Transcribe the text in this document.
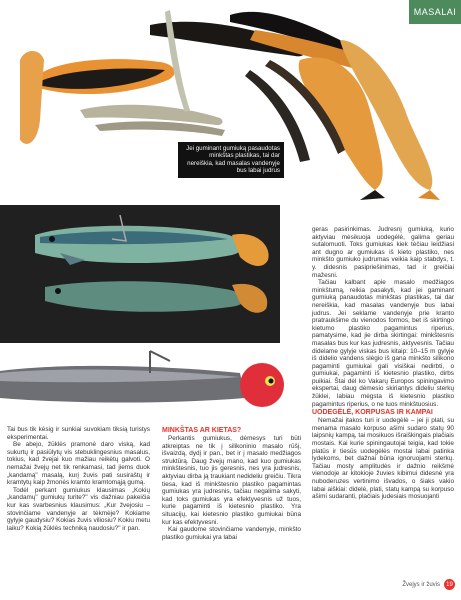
MASALAI
Jei guminant gumiuką pasaudotas minkštas plastikas, tai dar nereiškia, kad masalas vandenyje bus labai judrus

Tai bus tik kėsig ir sunkiai suvokiam tiksią turistys eksperimentai.

Be abejo, žūklės pramonė daro viską, kad sukurtų ir pasiūlytų vis stebuklingesnius masalus, tokius, kad žvejai kuo mažiau reikėtų galvoti. O nemažai žvejų net tik renkamasi, tad jiems duok „kandamą" masalą, kurį žuvis pati susiraštų ir kramtytų kaip žmonės kramto kramtomąją gumą.

Todėl perkant gumiukus klausimas „Kokių „kandamų" gumiukų turite?" vis dažniau pakeičia kur kas svarbesnius klausimus: „Kur žvejosiu – stovinčiame vandenyje ar tėkmėje? Kokiame gylyje gaudysiu? Kokias žuvis viliosiu? Kokiu metu laiku? Kokią žūklės techniką naudosiu?" ir pan.

MINKŠTAS AR KIETAS?

Perkantis gumiukus, dėmesys turi būti atkreiptas ne tik į silikoninio masalo rūšį, išvaizdą, dydį ir pan., bet ir į masalo medžiagos struktūrą. Daug žvejų mano, kad kuo gumiukas minkštesnis, tuo jis geresnis, nes yra judresnis, aktyviau dirba ją traukiant nedideliu greičiu. Tikra tiesa, kad iš minkštesnio plastiko pagamintas gumiukas yra judresnis, tačiau negalima sakyti, kad toks gumiukas yra efektyvesnis už tuos, kurie pagaminti iš kietesnio plastiko. Yra situacijų, kai kietesnio plastiko gumiukai būna kur kas efektyvesni.

Kai gaudome stovinčiame vandenyje, minkšto plastiko gumiukai yra labai

geras pasirinkimas. Judresnį gumiuką, kurio aktyviau mėsikuoja uodegėlė, galima geriau sutalomuoti. Toks gumiukas kiek tėčiau leidžiasi ant dugno ar gumiukas iš kieto plastiko, nes minkšto gumiuko judrumas veikia kaip stabdys, t. y. didesnis pasipriešinimas, tad ir greičiai mažesni.

Tačiau kalbant apie masalo medžiagos minkštumą, reikia pasakyti, kad jei gaminant gumiuką panaudotas minkštas plastikas, tai dar nereiškia, kad masalas vandenyje bus labai judrus. Jei seklame vandenyje prie kranto pratraukšime du vienodos formos, bet iš skirtingo kietumo plastiko pagamintus riperius, pamatysime, kad jie dirba skirtingai: minkštesnis masalas bus kur kas judresnis, aktyvesnis. Tačiau didelame gylyje viskas bus kitaip: 10–15 m gylyje iš didelio vandens slėgio iš gana minkšto silikono pagaminti gumiukai gali visiškai nedirbti, o gumiukai, pagaminti iš kietesnio plastiko, dirbs puikiai. Štai dėl ko Vakarų Europos spiningavimo ekspertai, daug dėmesio skiriantys dideliu sterkų žūklei, labiau mėgsta iš kietesnio plastiko pagamintus riperius, o ne tuos minkštuosius.

UODEGĖLĖ, KORPUSAS IR KAMPAI

Nemažai įtakos turi ir uodegėlė – jei ji plati, su menama masalo korpuso ašimi sudaro statų 90 laipsnių kampą, tai mosikuos išraiškingais plačiais mostais. Kai kurie spiningautojai teigia, kad tokie platūs ir tiesūs uodegėlės mostai labai patinka lydekoms, bet dažnai būna ignoruojami sterkų. Tačiau mosty amplitudės ir dažnio reikšmė vienodoje ar kitokioje žuvies kibimui didesnė yra nuboderuzes vertinimo išvados, o šiaks vakio labai aiškiai: didelė, plati, statų kampą su korpuso ašimi sudaranti, plačiais judesiais mosuojanti

Žvejys ir žuvis	19
